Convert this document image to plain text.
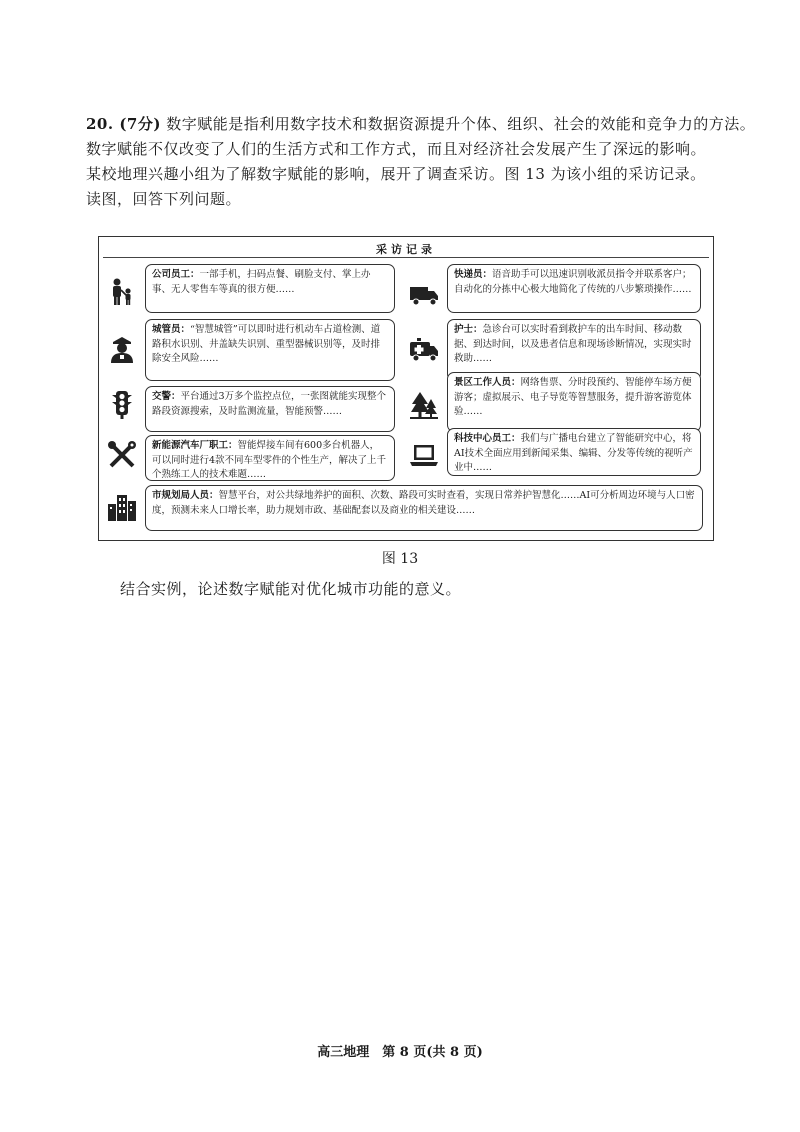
20. (7分) 数字赋能是指利用数字技术和数据资源提升个体、组织、社会的效能和竞争力的方法。

数字赋能不仅改变了人们的生活方式和工作方式，而且对经济社会发展产生了深远的影响。

某校地理兴趣小组为了解数字赋能的影响，展开了调查采访。图 13 为该小组的采访记录。

读图，回答下列问题。

采访记录
公司员工：一部手机，扫码点餐、刷脸支付、掌上办事、无人零售车等真的很方便……
快递员：语音助手可以迅速识别收派员指令并联系客户；自动化的分拣中心极大地简化了传统的八步繁琐操作……
城管员：“智慧城管”可以即时进行机动车占道检测、道路积水识别、井盖缺失识别、重型器械识别等，及时排除安全风险……
护士：急诊台可以实时看到救护车的出车时间、移动数据、到达时间，以及患者信息和现场诊断情况，实现实时救助……
交警：平台通过3万多个监控点位，一张图就能实现整个路段资源搜索，及时监测流量，智能预警……
景区工作人员：网络售票、分时段预约、智能停车场方便游客；虚拟展示、电子导览等智慧服务，提升游客游览体验……
新能源汽车厂职工：智能焊接车间有600多台机器人，可以同时进行4款不同车型零件的个性生产，解决了上千个熟练工人的技术难题……
科技中心员工：我们与广播电台建立了智能研究中心，将AI技术全面应用到新闻采集、编辑、分发等传统的视听产业中……
市规划局人员：智慧平台，对公共绿地养护的面积、次数、路段可实时查看，实现日常养护智慧化……AI可分析周边环境与人口密度，预测未来人口增长率，助力规划市政、基础配套以及商业的相关建设……
图 13
结合实例，论述数字赋能对优化城市功能的意义。
高三地理　第 8 页(共 8 页)
